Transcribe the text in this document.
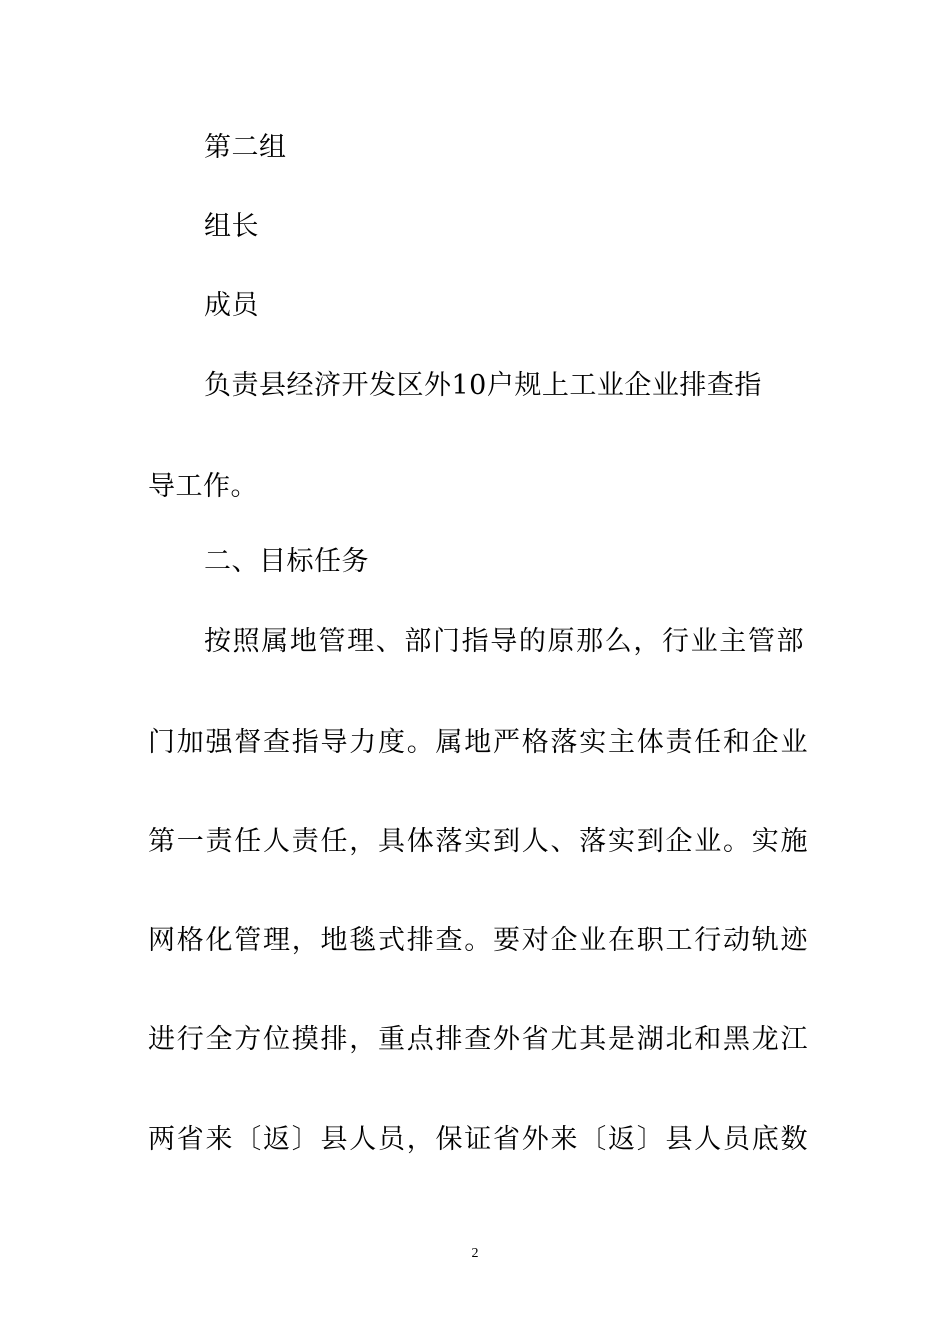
第二组
组长
成员
负责县经济开发区外10户规上工业企业排查指
导工作。
二、目标任务
按照属地管理、部门指导的原那么，行业主管部
门加强督查指导力度。属地严格落实主体责任和企业
第一责任人责任，具体落实到人、落实到企业。实施
网格化管理，地毯式排查。要对企业在职工行动轨迹
进行全方位摸排，重点排查外省尤其是湖北和黑龙江
两省来〔返〕县人员，保证省外来〔返〕县人员底数
2
